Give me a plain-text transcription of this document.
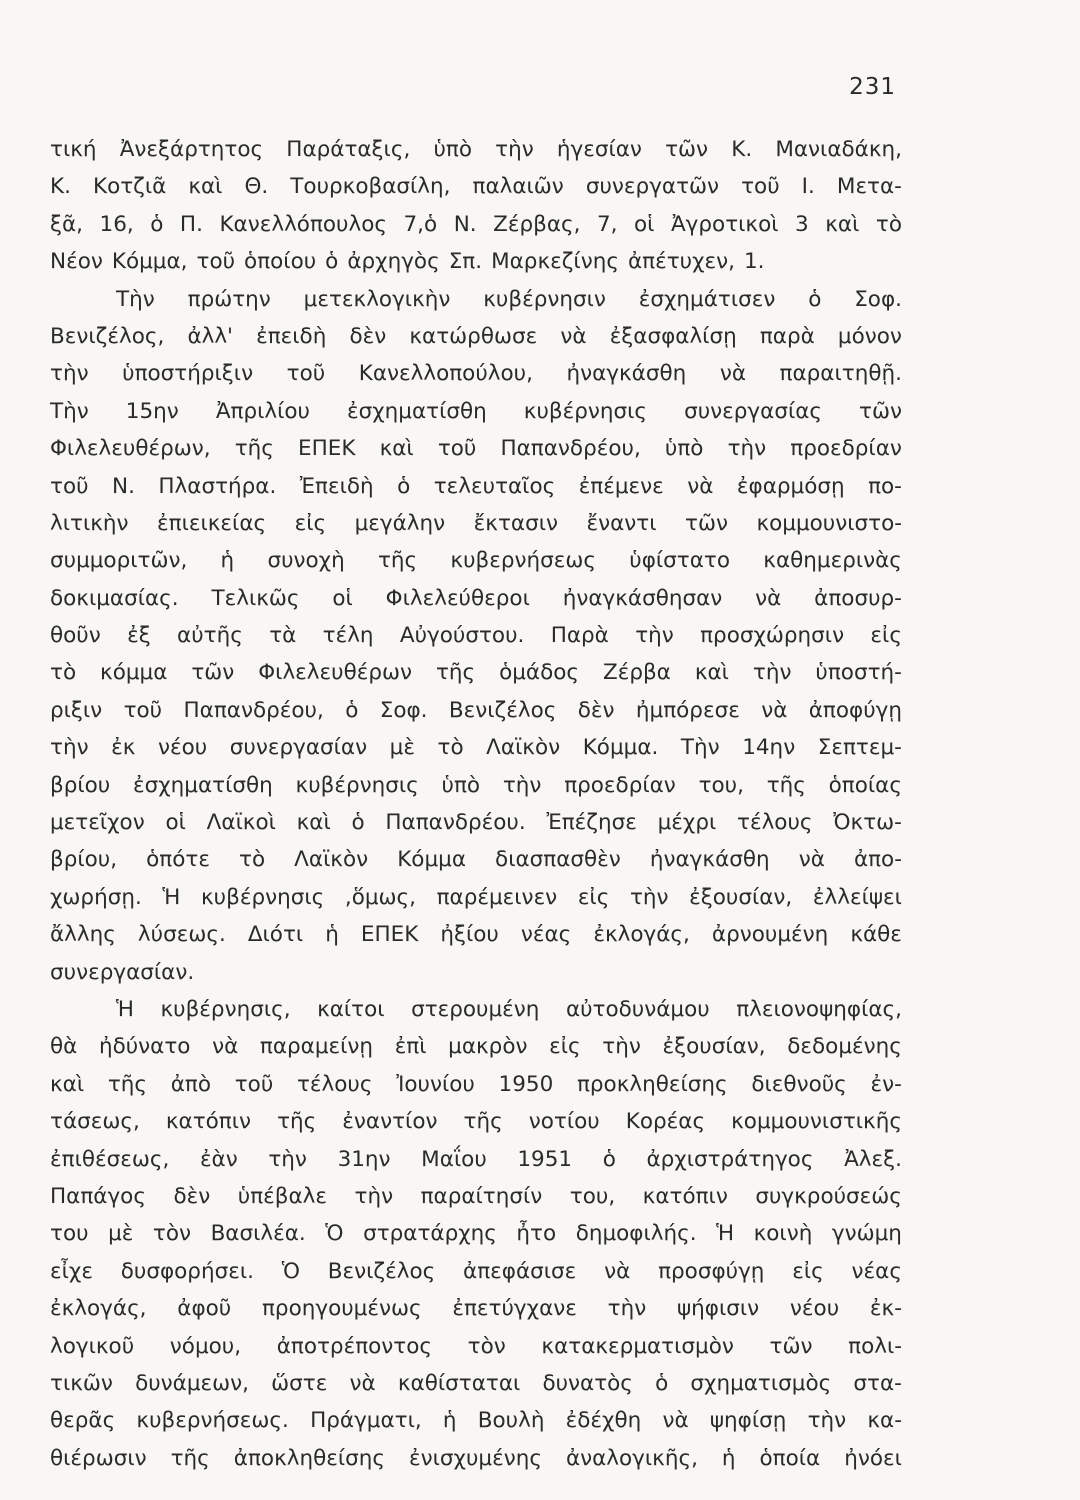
231
τική Ἀνεξάρτητος Παράταξις, ὑπὸ τὴν ἡγεσίαν τῶν Κ. Μανιαδάκη,
Κ. Κοτζιᾶ καὶ Θ. Τουρκοβασίλη, παλαιῶν συνεργατῶν τοῦ Ι. Μετα-
ξᾶ, 16, ὁ Π. Κανελλόπουλος 7,ὁ Ν. Ζέρβας, 7, οἱ Ἀγροτικοὶ 3 καὶ τὸ
Νέον Κόμμα, τοῦ ὁποίου ὁ ἀρχηγὸς Σπ. Μαρκεζίνης ἀπέτυχεν, 1.
Τὴν πρώτην μετεκλογικὴν κυβέρνησιν ἐσχημάτισεν ὁ Σοφ.
Βενιζέλος, ἀλλ' ἐπειδὴ δὲν κατώρθωσε νὰ ἐξασφαλίσῃ παρὰ μόνον
τὴν ὑποστήριξιν τοῦ Κανελλοπούλου, ἠναγκάσθη νὰ παραιτηθῇ.
Τὴν 15ην Ἀπριλίου ἐσχηματίσθη κυβέρνησις συνεργασίας τῶν
Φιλελευθέρων, τῆς ΕΠΕΚ καὶ τοῦ Παπανδρέου, ὑπὸ τὴν προεδρίαν
τοῦ Ν. Πλαστήρα. Ἐπειδὴ ὁ τελευταῖος ἐπέμενε νὰ ἐφαρμόσῃ πο-
λιτικὴν ἐπιεικείας εἰς μεγάλην ἔκτασιν ἔναντι τῶν κομμουνιστο-
συμμοριτῶν, ἡ συνοχὴ τῆς κυβερνήσεως ὑφίστατο καθημερινὰς
δοκιμασίας. Τελικῶς οἱ Φιλελεύθεροι ἠναγκάσθησαν νὰ ἀποσυρ-
θοῦν ἐξ αὐτῆς τὰ τέλη Αὐγούστου. Παρὰ τὴν προσχώρησιν εἰς
τὸ κόμμα τῶν Φιλελευθέρων τῆς ὁμάδος Ζέρβα καὶ τὴν ὑποστή-
ριξιν τοῦ Παπανδρέου, ὁ Σοφ. Βενιζέλος δὲν ἠμπόρεσε νὰ ἀποφύγῃ
τὴν ἐκ νέου συνεργασίαν μὲ τὸ Λαϊκὸν Κόμμα. Τὴν 14ην Σεπτεμ-
βρίου ἐσχηματίσθη κυβέρνησις ὑπὸ τὴν προεδρίαν του, τῆς ὁποίας
μετεῖχον οἱ Λαϊκοὶ καὶ ὁ Παπανδρέου. Ἐπέζησε μέχρι τέλους Ὀκτω-
βρίου, ὁπότε τὸ Λαϊκὸν Κόμμα διασπασθὲν ἠναγκάσθη νὰ ἀπο-
χωρήσῃ. Ἡ κυβέρνησις ,ὅμως, παρέμεινεν εἰς τὴν ἐξουσίαν, ἐλλείψει
ἄλλης λύσεως. Διότι ἡ ΕΠΕΚ ἠξίου νέας ἐκλογάς, ἀρνουμένη κάθε
συνεργασίαν.
Ἡ κυβέρνησις, καίτοι στερουμένη αὐτοδυνάμου πλειονοψηφίας,
θὰ ἠδύνατο νὰ παραμείνῃ ἐπὶ μακρὸν εἰς τὴν ἐξουσίαν, δεδομένης
καὶ τῆς ἀπὸ τοῦ τέλους Ἰουνίου 1950 προκληθείσης διεθνοῦς ἐν-
τάσεως, κατόπιν τῆς ἐναντίον τῆς νοτίου Κορέας κομμουνιστικῆς
ἐπιθέσεως, ἐὰν τὴν 31ην Μαΐου 1951 ὁ ἀρχιστράτηγος Ἀλεξ.
Παπάγος δὲν ὑπέβαλε τὴν παραίτησίν του, κατόπιν συγκρούσεώς
του μὲ τὸν Βασιλέα. Ὁ στρατάρχης ἦτο δημοφιλής. Ἡ κοινὴ γνώμη
εἶχε δυσφορήσει. Ὁ Βενιζέλος ἀπεφάσισε νὰ προσφύγῃ εἰς νέας
ἐκλογάς, ἀφοῦ προηγουμένως ἐπετύγχανε τὴν ψήφισιν νέου ἐκ-
λογικοῦ νόμου, ἀποτρέποντος τὸν κατακερματισμὸν τῶν πολι-
τικῶν δυνάμεων, ὥστε νὰ καθίσταται δυνατὸς ὁ σχηματισμὸς στα-
θερᾶς κυβερνήσεως. Πράγματι, ἡ Βουλὴ ἐδέχθη νὰ ψηφίσῃ τὴν κα-
θιέρωσιν τῆς ἀποκληθείσης ἐνισχυμένης ἀναλογικῆς, ἡ ὁποία ἠνόει
